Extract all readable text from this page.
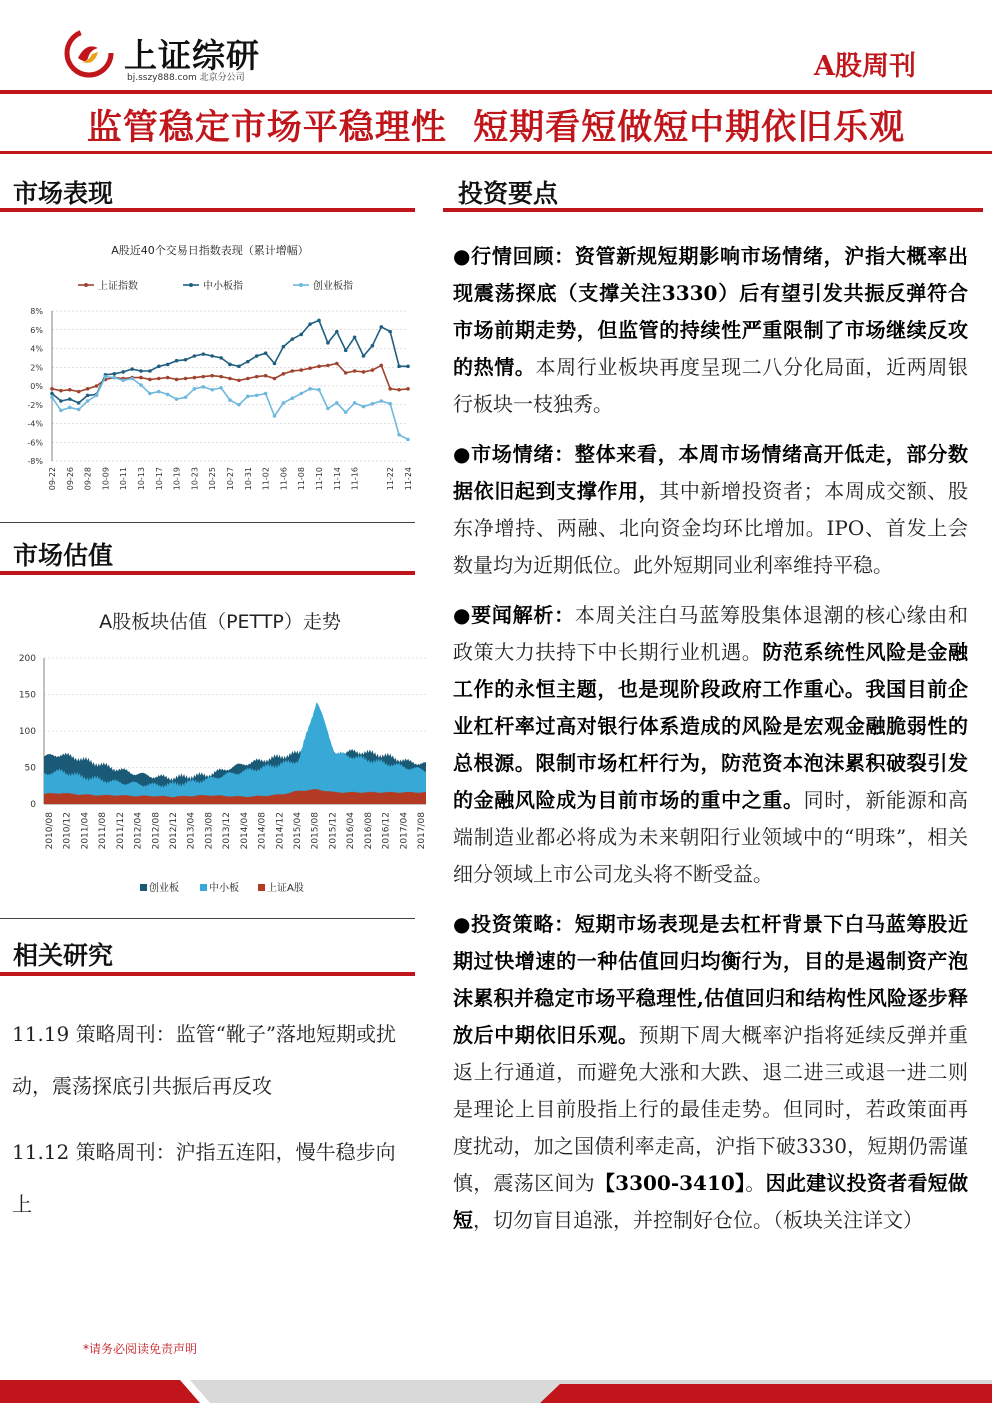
上证综研
bj.sszy888.com 北京分公司	A股周刊
监管稳定市场平稳理性  短期看短做短中期依旧乐观
市场表现
A股近40个交易日指数表现（累计增幅）
上证指数	中小板指	创业板指
8%
6%
4%
2%
0%
-2%
-4%
-6%
-8%
09-22 09-26 09-28 10-09 10-11 10-13 10-17 10-19 10-23 10-25 10-27 10-31 11-02 11-06 11-08 11-10 11-14 11-16	11-22 11-24
市场估值
A股板块估值（PETTP）走势
200
150
100
50
0
2010/08 2010/12 2011/04 2011/08 2011/12 2012/04 2012/08 2012/12 2013/04 2013/08 2013/12 2014/04 2014/08 2014/12 2015/04 2015/08 2015/12 2016/04 2016/08 2016/12 2017/04 2017/08
创业板	中小板	上证A股
相关研究

11.19 策略周刊：监管“靴子”落地短期或扰动，震荡探底引共振后再反攻

11.12 策略周刊：沪指五连阳，慢牛稳步向上

投资要点

●行情回顾：资管新规短期影响市场情绪，沪指大概率出现震荡探底（支撑关注3330）后有望引发共振反弹符合市场前期走势，但监管的持续性严重限制了市场继续反攻的热情。本周行业板块再度呈现二八分化局面，近两周银行板块一枝独秀。

●市场情绪：整体来看，本周市场情绪高开低走，部分数据依旧起到支撑作用，其中新增投资者；本周成交额、股东净增持、两融、北向资金均环比增加。IPO、首发上会数量均为近期低位。此外短期同业利率维持平稳。

●要闻解析：本周关注白马蓝筹股集体退潮的核心缘由和政策大力扶持下中长期行业机遇。防范系统性风险是金融工作的永恒主题，也是现阶段政府工作重心。我国目前企业杠杆率过高对银行体系造成的风险是宏观金融脆弱性的总根源。限制市场杠杆行为，防范资本泡沫累积破裂引发的金融风险成为目前市场的重中之重。同时，新能源和高端制造业都必将成为未来朝阳行业领域中的“明珠”，相关细分领域上市公司龙头将不断受益。

●投资策略：短期市场表现是去杠杆背景下白马蓝筹股近期过快增速的一种估值回归均衡行为，目的是遏制资产泡沫累积并稳定市场平稳理性,估值回归和结构性风险逐步释放后中期依旧乐观。预期下周大概率沪指将延续反弹并重返上行通道，而避免大涨和大跌、退二进三或退一进二则是理论上目前股指上行的最佳走势。但同时，若政策面再度扰动，加之国债利率走高，沪指下破3330，短期仍需谨慎，震荡区间为【3300-3410】。因此建议投资者看短做短，切勿盲目追涨，并控制好仓位。（板块关注详文）

*请务必阅读免责声明
